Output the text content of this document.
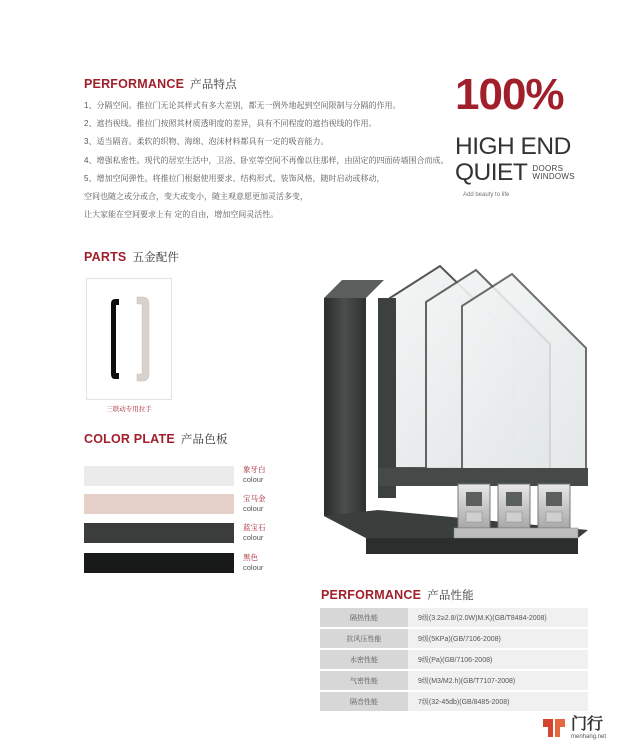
PERFORMANCE 产品特点
1、分隔空间。推拉门无论其样式有多大差别，都无一例外地起到空间限制与分隔的作用。
2、遮挡视线。推拉门按照其材质透明度的差异，具有不同程度的遮挡视线的作用。
3、适当隔音。柔软的织物、海绵、泡沫材料都具有一定的吸音能力。
4、增强私密性。现代的居室生活中，卫浴、卧室等空间不再像以往那样，由固定的四面砖墙围合而成。
5、增加空间弹性。将推拉门根据使用要求、结构形式、装饰风格，随时启动或移动，
空间也随之或分或合，变大或变小，随主观意愿更加灵活多变，
让大家能在空间要求上有 定的自由，增加空间灵活性。
100%
HIGH END
QUIET DOORS
WINDOWS
Add beauty to life
PARTS 五金配件
三联动专用拉手
COLOR PLATE 产品色板
象牙白
colour
宝马金
colour
蓝宝石
colour
黑色
colour
PERFORMANCE 产品性能
隔热性能	9级(3.2≥2.8/(2.0W)M.K)(GB/T8484-2008)
抗风压性能	9级(5KPa)(GB/7106-2008)
水密性能	9级(Pa)(GB/7106-2008)
气密性能	9级(M3/M2.h)(GB/T7107-2008)
隔音性能	7级(32-45db)(GB/8485-2008)
门行
menhang.net
